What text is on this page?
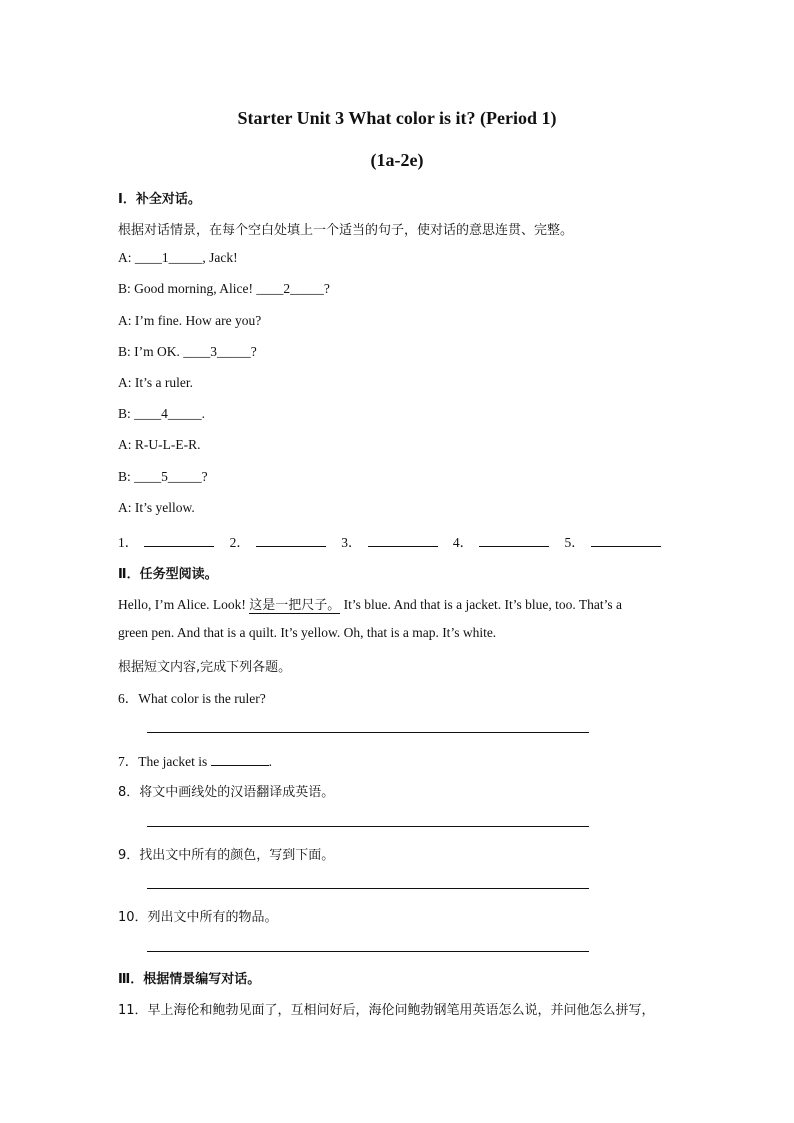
Starter Unit 3 What color is it? (Period 1)
(1a-2e)
Ⅰ．补全对话。
根据对话情景，在每个空白处填上一个适当的句子，使对话的意思连贯、完整。
A: ____1_____, Jack!
B: Good morning, Alice! ____2_____?
A: I’m fine. How are you?
B: I’m OK. ____3_____?
A: It’s a ruler.
B: ____4_____.
A: R-U-L-E-R.
B: ____5_____?
A: It’s yellow.
1．	2．	3．	4．	5．
Ⅱ．任务型阅读。
Hello, I’m Alice. Look! 这是一把尺子。 It’s blue. And that is a jacket. It’s blue, too. That’s a
green pen. And that is a quilt. It’s yellow. Oh, that is a map. It’s white.
根据短文内容,完成下列各题。
6．What color is the ruler?
7．The jacket is	.
8．将文中画线处的汉语翻译成英语。
9．找出文中所有的颜色，写到下面。
10．列出文中所有的物品。
Ⅲ．根据情景编写对话。
11．早上海伦和鲍勃见面了，互相问好后，海伦问鲍勃钢笔用英语怎么说，并问他怎么拼写，
